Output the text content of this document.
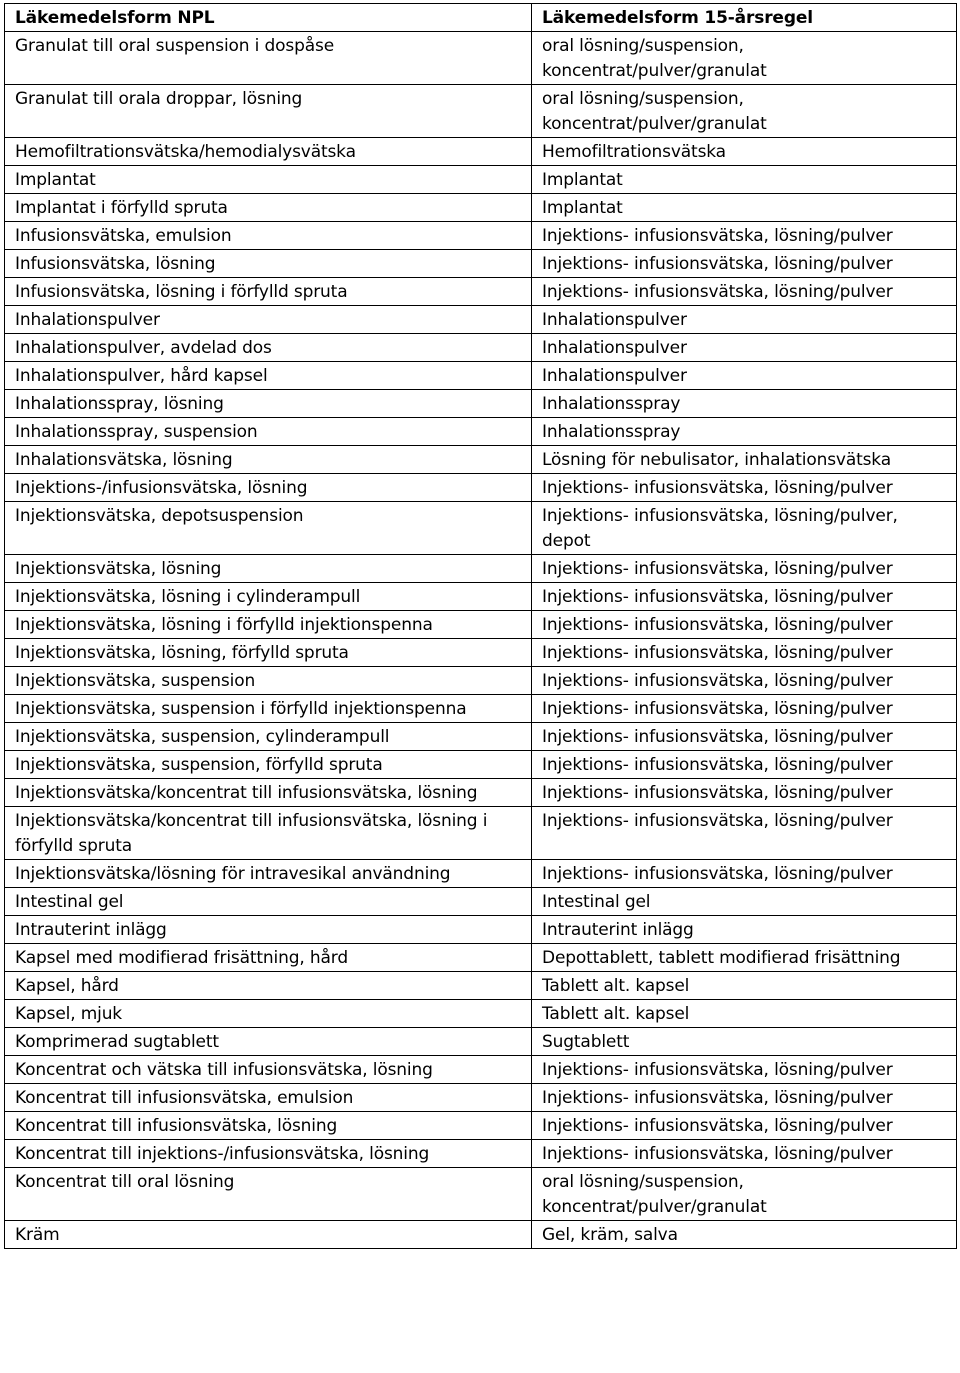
Läkemedelsform NPL	Läkemedelsform 15-årsregel
Granulat till oral suspension i dospåse	oral lösning/suspension, koncentrat/pulver/granulat
Granulat till orala droppar, lösning	oral lösning/suspension, koncentrat/pulver/granulat
Hemofiltrationsvätska/hemodialysvätska	Hemofiltrationsvätska
Implantat	Implantat
Implantat i förfylld spruta	Implantat
Infusionsvätska, emulsion	Injektions- infusionsvätska, lösning/pulver
Infusionsvätska, lösning	Injektions- infusionsvätska, lösning/pulver
Infusionsvätska, lösning i förfylld spruta	Injektions- infusionsvätska, lösning/pulver
Inhalationspulver	Inhalationspulver
Inhalationspulver, avdelad dos	Inhalationspulver
Inhalationspulver, hård kapsel	Inhalationspulver
Inhalationsspray, lösning	Inhalationsspray
Inhalationsspray, suspension	Inhalationsspray
Inhalationsvätska, lösning	Lösning för nebulisator, inhalationsvätska
Injektions-/infusionsvätska, lösning	Injektions- infusionsvätska, lösning/pulver
Injektionsvätska, depotsuspension	Injektions- infusionsvätska, lösning/pulver, depot
Injektionsvätska, lösning	Injektions- infusionsvätska, lösning/pulver
Injektionsvätska, lösning i cylinderampull	Injektions- infusionsvätska, lösning/pulver
Injektionsvätska, lösning i förfylld injektionspenna	Injektions- infusionsvätska, lösning/pulver
Injektionsvätska, lösning, förfylld spruta	Injektions- infusionsvätska, lösning/pulver
Injektionsvätska, suspension	Injektions- infusionsvätska, lösning/pulver
Injektionsvätska, suspension i förfylld injektionspenna	Injektions- infusionsvätska, lösning/pulver
Injektionsvätska, suspension, cylinderampull	Injektions- infusionsvätska, lösning/pulver
Injektionsvätska, suspension, förfylld spruta	Injektions- infusionsvätska, lösning/pulver
Injektionsvätska/koncentrat till infusionsvätska, lösning	Injektions- infusionsvätska, lösning/pulver
Injektionsvätska/koncentrat till infusionsvätska, lösning i förfylld spruta	Injektions- infusionsvätska, lösning/pulver
Injektionsvätska/lösning för intravesikal användning	Injektions- infusionsvätska, lösning/pulver
Intestinal gel	Intestinal gel
Intrauterint inlägg	Intrauterint inlägg
Kapsel med modifierad frisättning, hård	Depottablett, tablett modifierad frisättning
Kapsel, hård	Tablett alt. kapsel
Kapsel, mjuk	Tablett alt. kapsel
Komprimerad sugtablett	Sugtablett
Koncentrat och vätska till infusionsvätska, lösning	Injektions- infusionsvätska, lösning/pulver
Koncentrat till infusionsvätska, emulsion	Injektions- infusionsvätska, lösning/pulver
Koncentrat till infusionsvätska, lösning	Injektions- infusionsvätska, lösning/pulver
Koncentrat till injektions-/infusionsvätska, lösning	Injektions- infusionsvätska, lösning/pulver
Koncentrat till oral lösning	oral lösning/suspension, koncentrat/pulver/granulat
Kräm	Gel, kräm, salva
